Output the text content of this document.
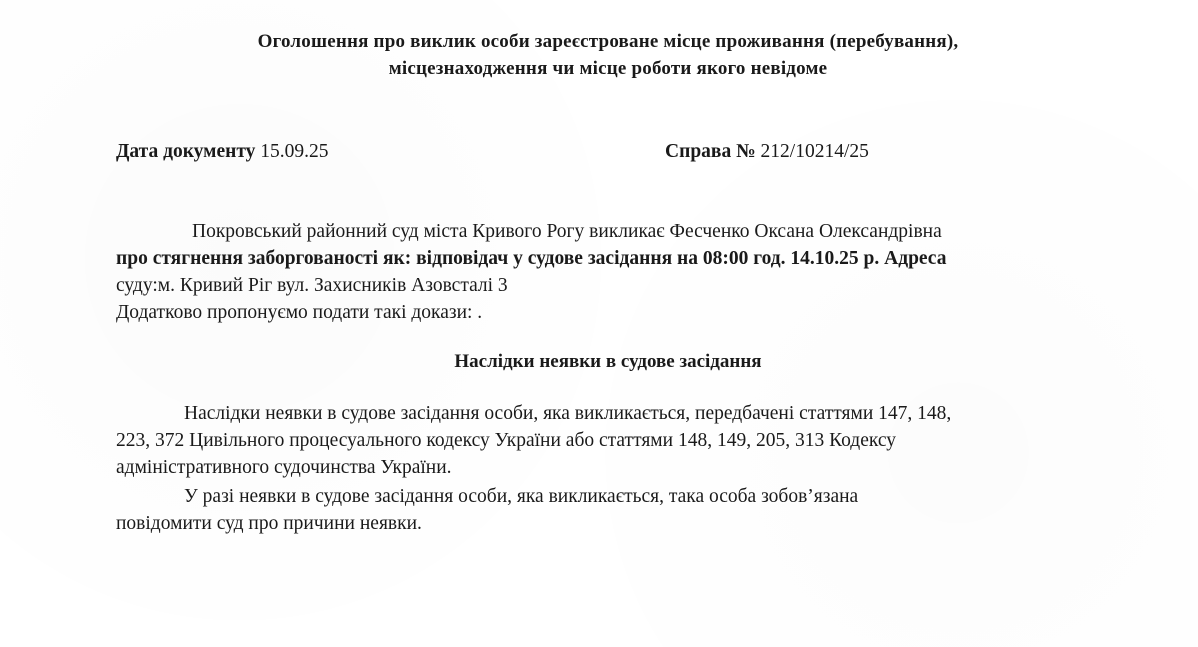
Оголошення про виклик особи зареєстроване місце проживання (перебування),
місцезнаходження чи місце роботи якого невідоме
Дата документу 15.09.25	Справа № 212/10214/25
Покровський районний суд міста Кривого Рогу викликає Фесченко Оксана Олександрівна
про стягнення заборгованості як: відповідач у судове засідання на 08:00 год. 14.10.25 р. Адреса
суду:м. Кривий Ріг вул. Захисників Азовсталі 3
Додатково пропонуємо подати такі докази: .
Наслідки неявки в судове засідання
Наслідки неявки в судове засідання особи, яка викликається, передбачені статтями 147, 148,
223, 372 Цивільного процесуального кодексу України або статтями 148, 149, 205, 313 Кодексу
адміністративного судочинства України.
У разі неявки в судове засідання особи, яка викликається, така особа зобов’язана
повідомити суд про причини неявки.
